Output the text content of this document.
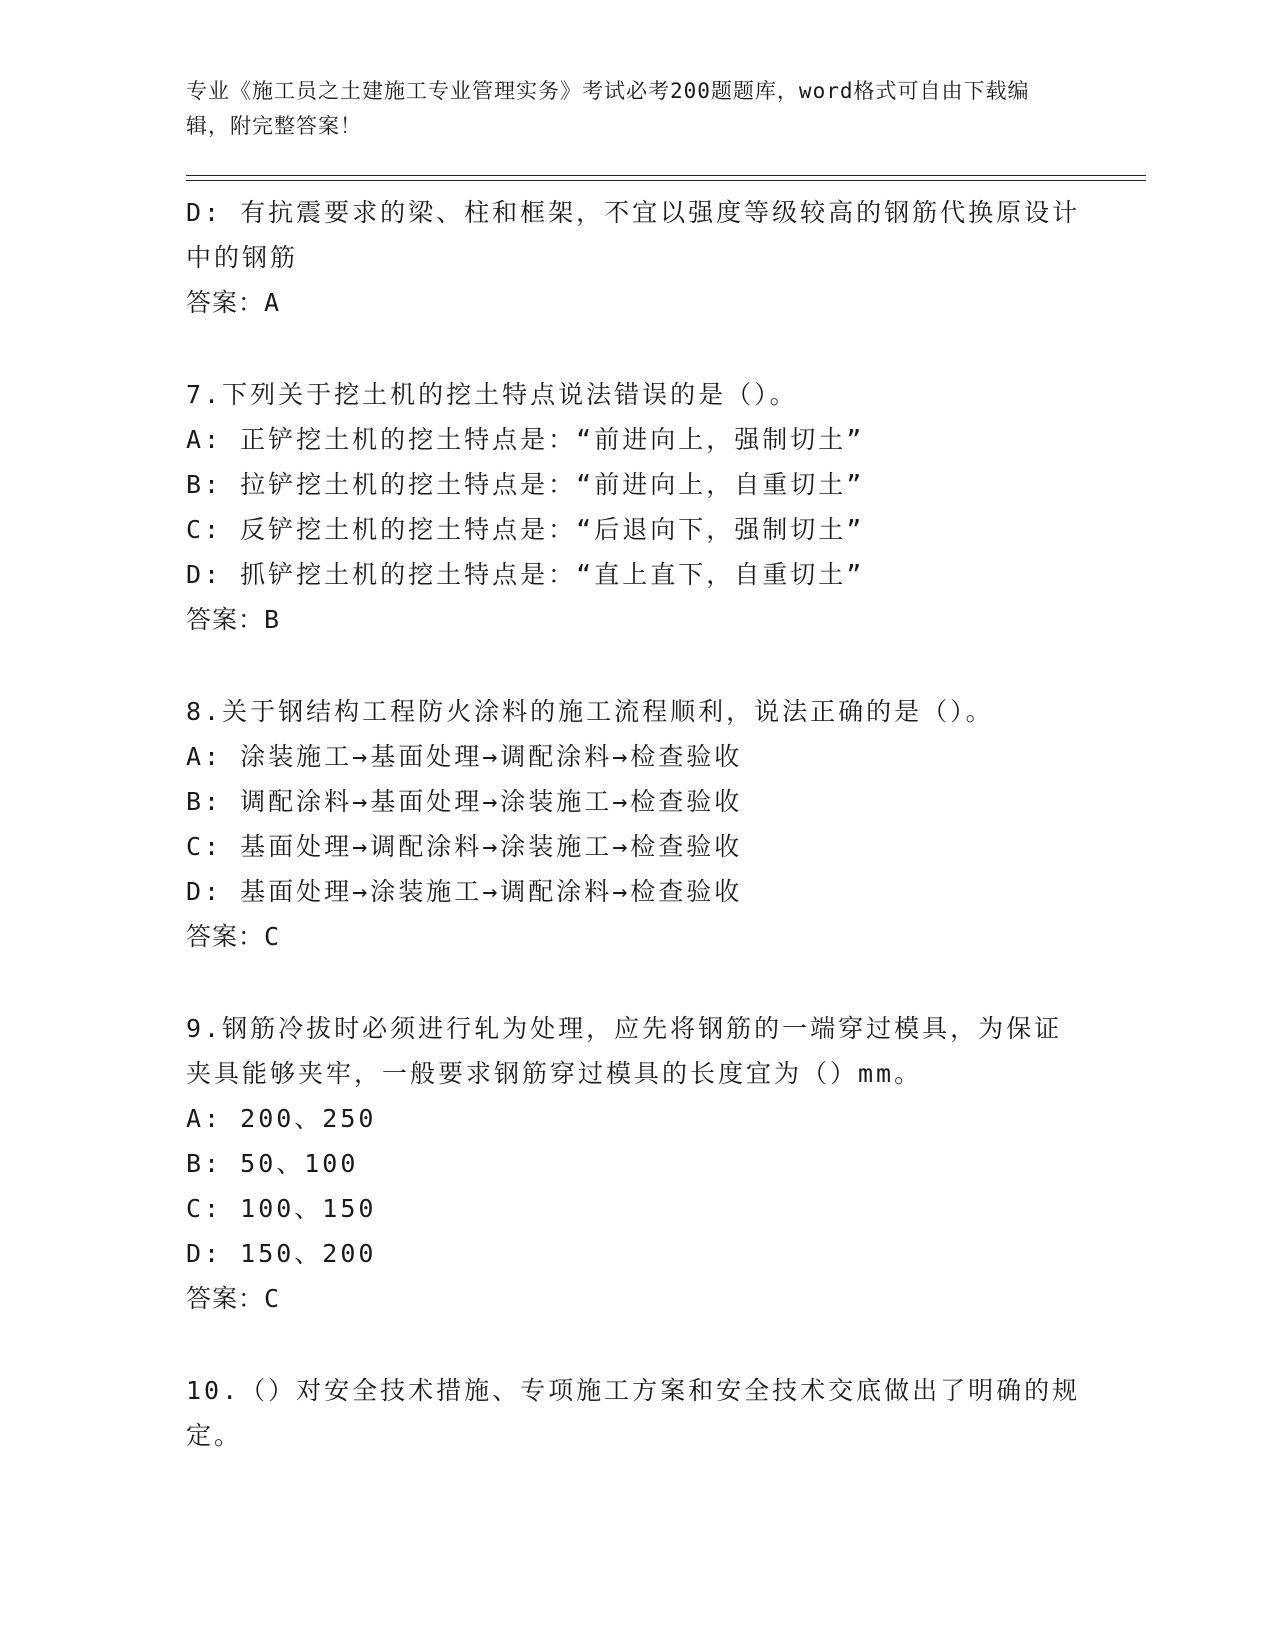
专业《施工员之土建施工专业管理实务》考试必考200题题库，word格式可自由下载编辑，附完整答案！
D: 有抗震要求的梁、柱和框架，不宜以强度等级较高的钢筋代换原设计中的钢筋
答案：A
7.下列关于挖土机的挖土特点说法错误的是（）。
A: 正铲挖土机的挖土特点是：“前进向上，强制切土”
B: 拉铲挖土机的挖土特点是：“前进向上，自重切土”
C: 反铲挖土机的挖土特点是：“后退向下，强制切土”
D: 抓铲挖土机的挖土特点是：“直上直下，自重切土”
答案：B
8.关于钢结构工程防火涂料的施工流程顺利，说法正确的是（）。
A: 涂装施工→基面处理→调配涂料→检查验收
B: 调配涂料→基面处理→涂装施工→检查验收
C: 基面处理→调配涂料→涂装施工→检查验收
D: 基面处理→涂装施工→调配涂料→检查验收
答案：C
9.钢筋冷拔时必须进行轧为处理，应先将钢筋的一端穿过模具，为保证夹具能够夹牢，一般要求钢筋穿过模具的长度宜为（）mm。
A: 200、250
B: 50、100
C: 100、150
D: 150、200
答案：C
10.（）对安全技术措施、专项施工方案和安全技术交底做出了明确的规定。
